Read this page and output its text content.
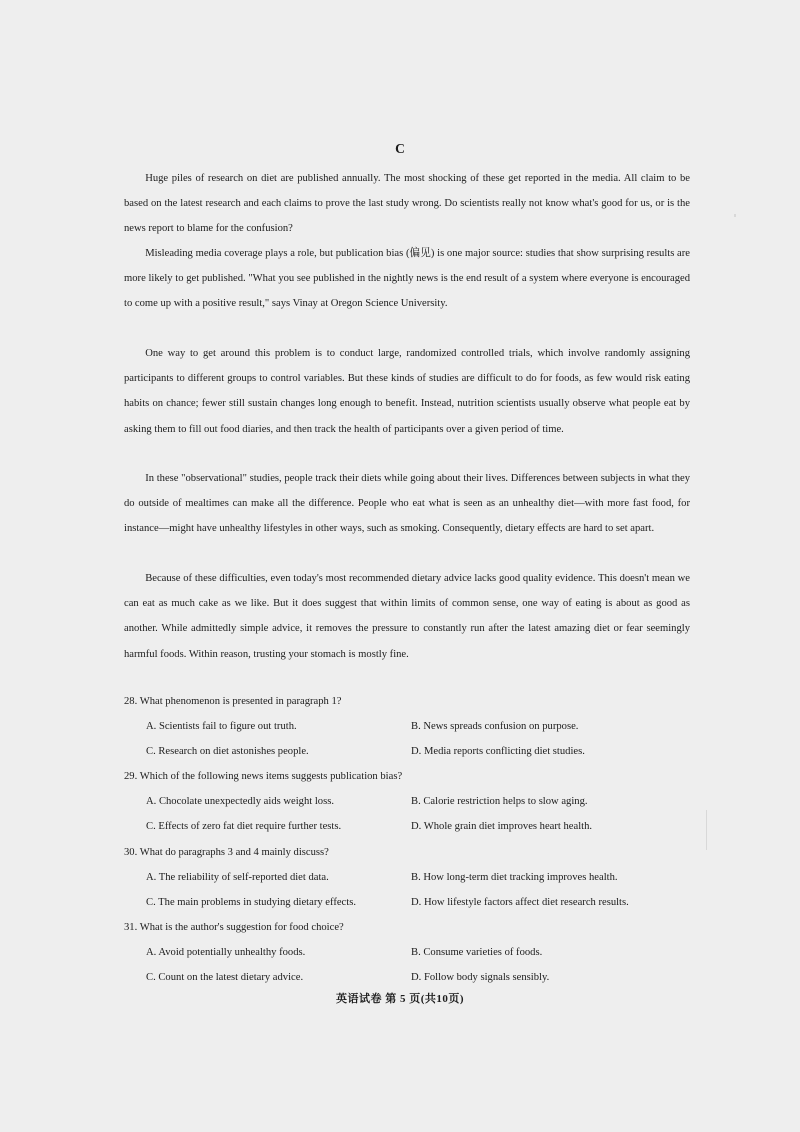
C

Huge piles of research on diet are published annually. The most shocking of these get reported in the media. All claim to be based on the latest research and each claims to prove the last study wrong. Do scientists really not know what's good for us, or is the news report to blame for the confusion?

Misleading media coverage plays a role, but publication bias (偏见) is one major source: studies that show surprising results are more likely to get published. "What you see published in the nightly news is the end result of a system where everyone is encouraged to come up with a positive result," says Vinay at Oregon Science University.

One way to get around this problem is to conduct large, randomized controlled trials, which involve randomly assigning participants to different groups to control variables. But these kinds of studies are difficult to do for foods, as few would risk eating habits on chance; fewer still sustain changes long enough to benefit. Instead, nutrition scientists usually observe what people eat by asking them to fill out food diaries, and then track the health of participants over a given period of time.

In these "observational" studies, people track their diets while going about their lives. Differences between subjects in what they do outside of mealtimes can make all the difference. People who eat what is seen as an unhealthy diet—with more fast food, for instance—might have unhealthy lifestyles in other ways, such as smoking. Consequently, dietary effects are hard to set apart.

Because of these difficulties, even today's most recommended dietary advice lacks good quality evidence. This doesn't mean we can eat as much cake as we like. But it does suggest that within limits of common sense, one way of eating is about as good as another. While admittedly simple advice, it removes the pressure to constantly run after the latest amazing diet or fear seemingly harmful foods. Within reason, trusting your stomach is mostly fine.

28. What phenomenon is presented in paragraph 1?
A. Scientists fail to figure out truth.	B. News spreads confusion on purpose.
C. Research on diet astonishes people.	D. Media reports conflicting diet studies.
29. Which of the following news items suggests publication bias?
A. Chocolate unexpectedly aids weight loss.	B. Calorie restriction helps to slow aging.
C. Effects of zero fat diet require further tests.	D. Whole grain diet improves heart health.
30. What do paragraphs 3 and 4 mainly discuss?
A. The reliability of self-reported diet data.	B. How long-term diet tracking improves health.
C. The main problems in studying dietary effects.	D. How lifestyle factors affect diet research results.
31. What is the author's suggestion for food choice?
A. Avoid potentially unhealthy foods.	B. Consume varieties of foods.
C. Count on the latest dietary advice.	D. Follow body signals sensibly.
英语试卷 第 5 页(共10页)
